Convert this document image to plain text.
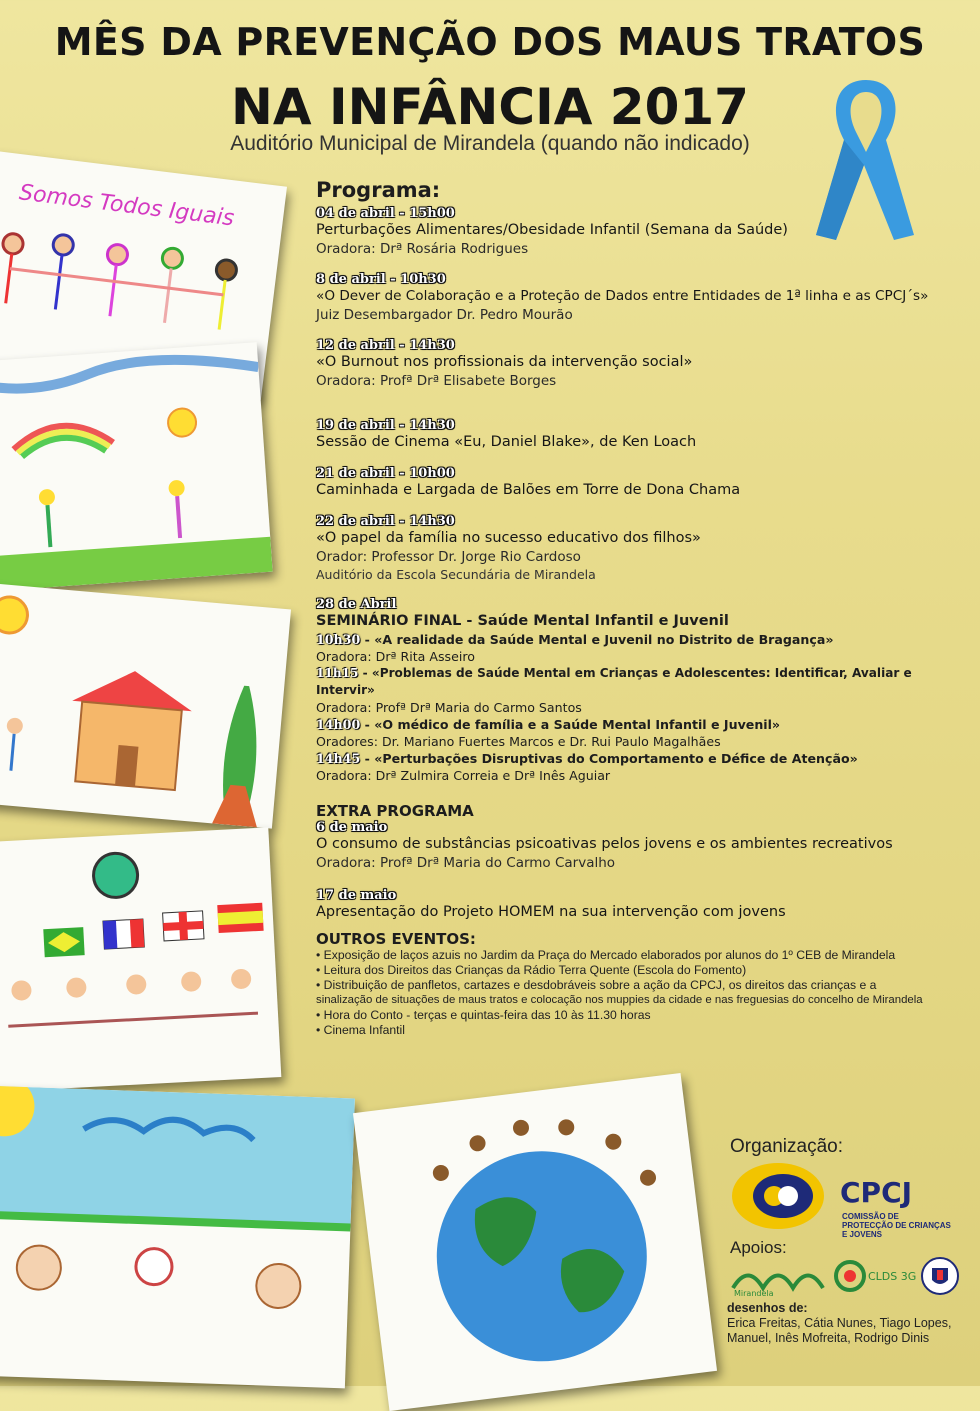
MÊS DA PREVENÇÃO DOS MAUS TRATOS
NA INFÂNCIA 2017
Auditório Municipal de Mirandela (quando não indicado)
Somos Todos Iguais	Programa:
04 de abril - 15h00
Perturbações Alimentares/Obesidade Infantil (Semana da Saúde)
Oradora: Drª Rosária Rodrigues
8 de abril - 10h30
«O Dever de Colaboração e a Proteção de Dados entre Entidades de 1ª linha e as CPCJ´s»
Juiz Desembargador Dr. Pedro Mourão
12 de abril - 14h30
«O Burnout nos profissionais da intervenção social»
Oradora: Profª Drª Elisabete Borges
19 de abril - 14h30
Sessão de Cinema «Eu, Daniel Blake», de Ken Loach
21 de abril - 10h00
Caminhada e Largada de Balões em Torre de Dona Chama
22 de abril - 14h30
«O papel da família no sucesso educativo dos filhos»
Orador: Professor Dr. Jorge Rio Cardoso
Auditório da Escola Secundária de Mirandela
28 de Abril
SEMINÁRIO FINAL - Saúde Mental Infantil e Juvenil
10h30 - «A realidade da Saúde Mental e Juvenil no Distrito de Bragança»
Oradora: Drª Rita Asseiro
11h15 - «Problemas de Saúde Mental em Crianças e Adolescentes: Identificar, Avaliar e Intervir»
Oradora: Profª Drª Maria do Carmo Santos
14h00 - «O médico de família e a Saúde Mental Infantil e Juvenil»
Oradores: Dr. Mariano Fuertes Marcos e Dr. Rui Paulo Magalhães
14h45 - «Perturbações Disruptivas do Comportamento e Défice de Atenção»
Oradora: Drª Zulmira Correia e Drª Inês Aguiar
EXTRA PROGRAMA
6 de maio
O consumo de substâncias psicoativas pelos jovens e os ambientes recreativos
Oradora: Profª Drª Maria do Carmo Carvalho
17 de maio
Apresentação do Projeto HOMEM na sua intervenção com jovens
OUTROS EVENTOS:
• Exposição de laços azuis no Jardim da Praça do Mercado elaborados por alunos do 1º CEB de Mirandela
• Leitura dos Direitos das Crianças da Rádio Terra Quente (Escola do Fomento)
• Distribuição de panfletos, cartazes e desdobráveis sobre a ação da CPCJ, os direitos das crianças e a
sinalização de situações de maus tratos e colocação nos muppies da cidade e nas freguesias do concelho de Mirandela
• Hora do Conto - terças e quintas-feira das 10 às 11.30 horas
• Cinema Infantil
Organização:
CPCJ
COMISSÃO DE PROTECÇÃO DE CRIANÇAS E JOVENS
Apoios:
Mirandela
CLDS 3G
desenhos de:
Erica Freitas, Cátia Nunes, Tiago Lopes, Manuel, Inês Mofreita, Rodrigo Dinis
